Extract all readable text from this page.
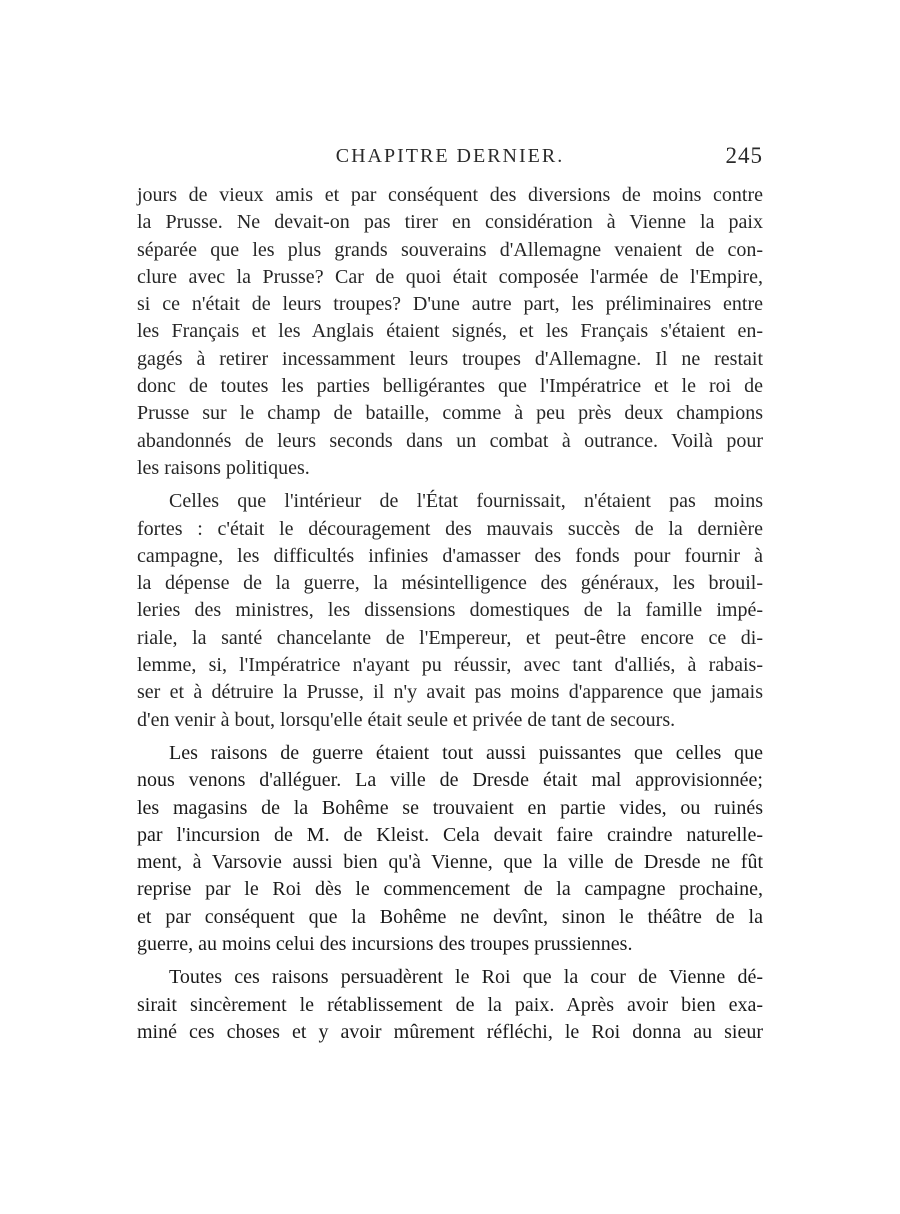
CHAPITRE DERNIER.	245
jours de vieux amis et par conséquent des diversions de moins contre
la Prusse. Ne devait-on pas tirer en considération à Vienne la paix
séparée que les plus grands souverains d'Allemagne venaient de con-
clure avec la Prusse? Car de quoi était composée l'armée de l'Empire,
si ce n'était de leurs troupes? D'une autre part, les préliminaires entre
les Français et les Anglais étaient signés, et les Français s'étaient en-
gagés à retirer incessamment leurs troupes d'Allemagne. Il ne restait
donc de toutes les parties belligérantes que l'Impératrice et le roi de
Prusse sur le champ de bataille, comme à peu près deux champions
abandonnés de leurs seconds dans un combat à outrance. Voilà pour
les raisons politiques.
Celles que l'intérieur de l'État fournissait, n'étaient pas moins
fortes : c'était le découragement des mauvais succès de la dernière
campagne, les difficultés infinies d'amasser des fonds pour fournir à
la dépense de la guerre, la mésintelligence des généraux, les brouil-
leries des ministres, les dissensions domestiques de la famille impé-
riale, la santé chancelante de l'Empereur, et peut-être encore ce di-
lemme, si, l'Impératrice n'ayant pu réussir, avec tant d'alliés, à rabais-
ser et à détruire la Prusse, il n'y avait pas moins d'apparence que jamais
d'en venir à bout, lorsqu'elle était seule et privée de tant de secours.
Les raisons de guerre étaient tout aussi puissantes que celles que
nous venons d'alléguer. La ville de Dresde était mal approvisionnée;
les magasins de la Bohême se trouvaient en partie vides, ou ruinés
par l'incursion de M. de Kleist. Cela devait faire craindre naturelle-
ment, à Varsovie aussi bien qu'à Vienne, que la ville de Dresde ne fût
reprise par le Roi dès le commencement de la campagne prochaine,
et par conséquent que la Bohême ne devînt, sinon le théâtre de la
guerre, au moins celui des incursions des troupes prussiennes.
Toutes ces raisons persuadèrent le Roi que la cour de Vienne dé-
sirait sincèrement le rétablissement de la paix. Après avoir bien exa-
miné ces choses et y avoir mûrement réfléchi, le Roi donna au sieur
